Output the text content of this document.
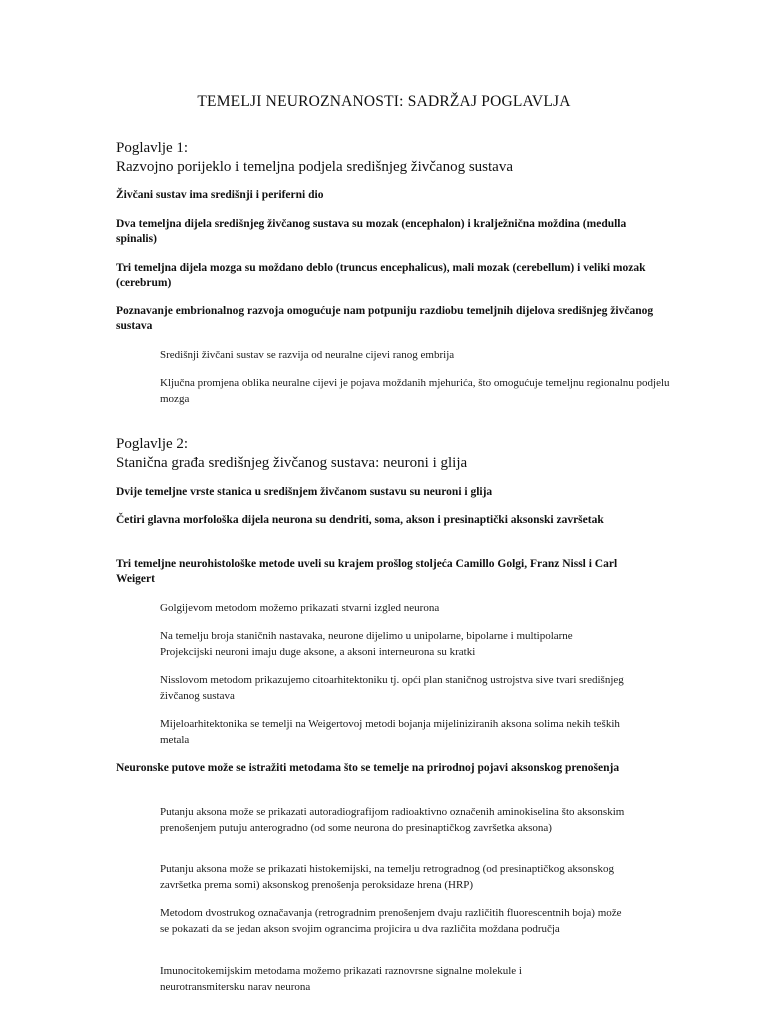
TEMELJI NEUROZNANOSTI: SADRŽAJ POGLAVLJA
Poglavlje 1:
Razvojno porijeklo i temeljna podjela središnjeg živčanog sustava
Živčani sustav ima središnji i periferni dio
Dva temeljna dijela središnjeg živčanog sustava su mozak (encephalon) i kralježnična moždina (medulla spinalis)
Tri temeljna dijela mozga su moždano deblo (truncus encephalicus), mali mozak (cerebellum) i veliki mozak (cerebrum)
Poznavanje embrionalnog razvoja omogućuje nam potpuniju razdiobu temeljnih dijelova središnjeg živčanog sustava
Središnji živčani sustav se razvija od neuralne cijevi ranog embrija
Ključna promjena oblika neuralne cijevi je pojava moždanih mjehurića, što omogućuje temeljnu regionalnu podjelu mozga
Poglavlje 2:
Stanična građa središnjeg živčanog sustava: neuroni i glija
Dvije temeljne vrste stanica u središnjem živčanom sustavu su neuroni i glija
Četiri glavna morfološka dijela neurona su dendriti, soma, akson i presinaptički aksonski završetak
Tri temeljne neurohistološke metode uveli su krajem prošlog stoljeća Camillo Golgi, Franz Nissl i Carl Weigert
Golgijevom metodom možemo prikazati stvarni izgled neurona
Na temelju broja staničnih nastavaka, neurone dijelimo u unipolarne, bipolarne i multipolarne Projekcijski neuroni imaju duge aksone, a aksoni interneurona su kratki
Nisslovom metodom prikazujemo citoarhitektoniku tj. opći plan staničnog ustrojstva sive tvari središnjeg živčanog sustava
Mijeloarhitektonika se temelji na Weigertovoj metodi bojanja mijeliniziranih aksona solima nekih teških metala
Neuronske putove može se istražiti metodama što se temelje na prirodnoj pojavi aksonskog prenošenja
Putanju aksona može se prikazati autoradiografijom radioaktivno označenih aminokiselina što aksonskim prenošenjem putuju anterogradno (od some neurona do presinaptičkog završetka aksona)
Putanju aksona može se prikazati histokemijski, na temelju retrogradnog (od presinaptičkog aksonskog završetka prema somi) aksonskog prenošenja peroksidaze hrena (HRP)
Metodom dvostrukog označavanja (retrogradnim prenošenjem dvaju različitih fluorescentnih boja) može se pokazati da se jedan akson svojim ograncima projicira u dva različita moždana područja
Imunocitokemijskim metodama možemo prikazati raznovrsne signalne molekule i neurotransmitersku narav neurona
